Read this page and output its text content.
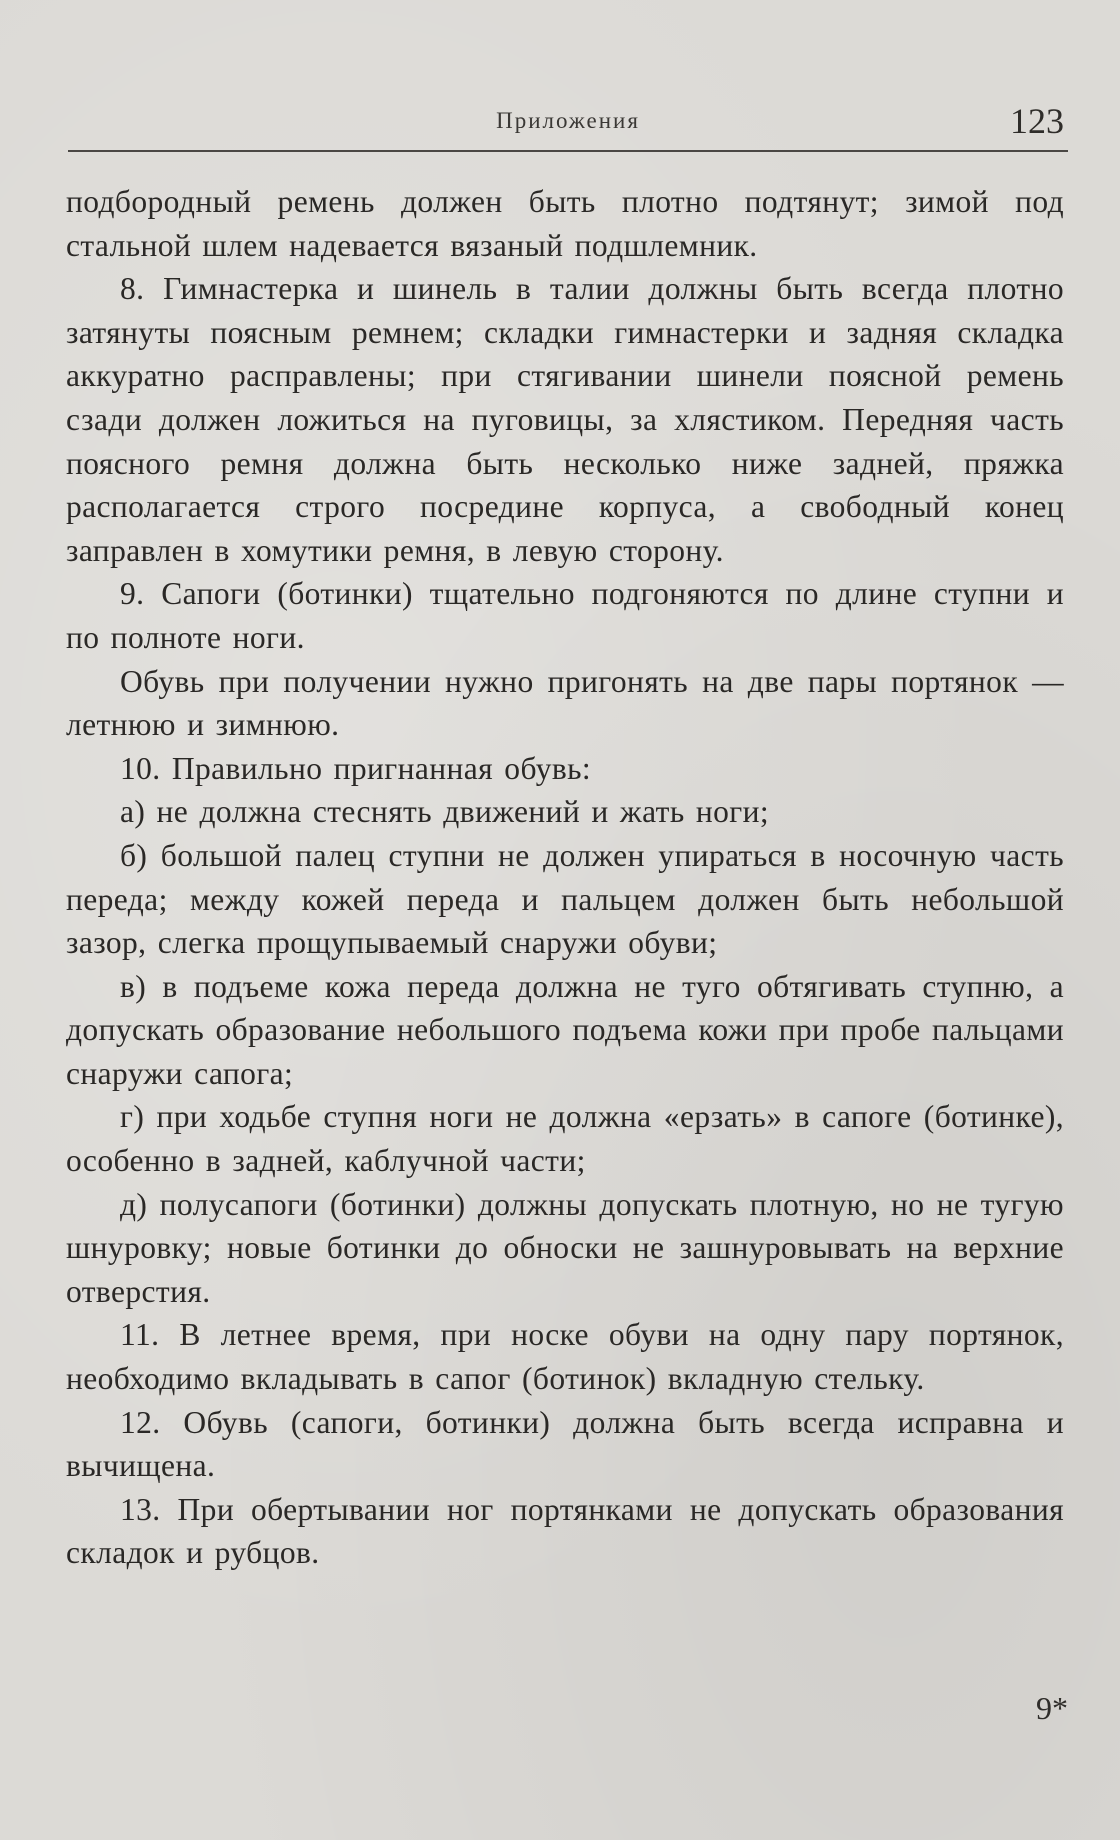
Приложения	123

подбородный ремень должен быть плотно подтянут; зимой под стальной шлем надевается вязаный подшлемник.

8. Гимнастерка и шинель в талии должны быть всегда плотно затянуты поясным ремнем; складки гимнастерки и задняя складка аккуратно расправлены; при стягивании шинели поясной ремень сзади должен ложиться на пуговицы, за хлястиком. Передняя часть поясного ремня должна быть несколько ниже задней, пряжка располагается строго посредине корпуса, а свободный конец заправлен в хомутики ремня, в левую сторону.

9. Сапоги (ботинки) тщательно подгоняются по длине ступни и по полноте ноги.

Обувь при получении нужно пригонять на две пары портянок — летнюю и зимнюю.

10. Правильно пригнанная обувь:

а) не должна стеснять движений и жать ноги;

б) большой палец ступни не должен упираться в носочную часть переда; между кожей переда и пальцем должен быть небольшой зазор, слегка прощупываемый снаружи обуви;

в) в подъеме кожа переда должна не туго обтягивать ступню, а допускать образование небольшого подъема кожи при пробе пальцами снаружи сапога;

г) при ходьбе ступня ноги не должна «ерзать» в сапоге (ботинке), особенно в задней, каблучной части;

д) полусапоги (ботинки) должны допускать плотную, но не тугую шнуровку; новые ботинки до обноски не зашнуровывать на верхние отверстия.

11. В летнее время, при носке обуви на одну пару портянок, необходимо вкладывать в сапог (ботинок) вкладную стельку.

12. Обувь (сапоги, ботинки) должна быть всегда исправна и вычищена.

13. При обертывании ног портянками не допускать образования складок и рубцов.

9*
